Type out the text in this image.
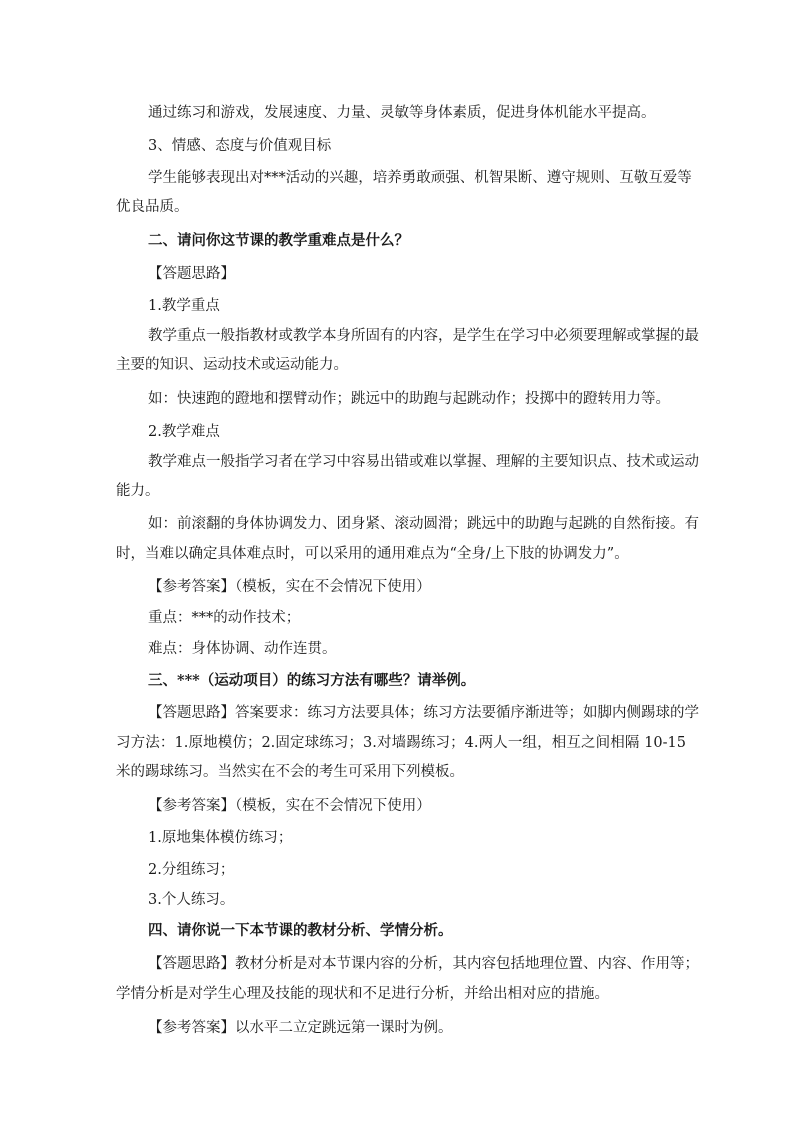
通过练习和游戏，发展速度、力量、灵敏等身体素质，促进身体机能水平提高。
3、情感、态度与价值观目标
学生能够表现出对***活动的兴趣，培养勇敢顽强、机智果断、遵守规则、互敬互爱等
优良品质。
二、请问你这节课的教学重难点是什么？
【答题思路】
1.教学重点
教学重点一般指教材或教学本身所固有的内容，是学生在学习中必须要理解或掌握的最
主要的知识、运动技术或运动能力。
如：快速跑的蹬地和摆臂动作；跳远中的助跑与起跳动作；投掷中的蹬转用力等。
2.教学难点
教学难点一般指学习者在学习中容易出错或难以掌握、理解的主要知识点、技术或运动
能力。
如：前滚翻的身体协调发力、团身紧、滚动圆滑；跳远中的助跑与起跳的自然衔接。有
时，当难以确定具体难点时，可以采用的通用难点为“全身/上下肢的协调发力”。
【参考答案】（模板，实在不会情况下使用）
重点：***的动作技术；
难点：身体协调、动作连贯。
三、***（运动项目）的练习方法有哪些？请举例。
【答题思路】答案要求：练习方法要具体；练习方法要循序渐进等；如脚内侧踢球的学
习方法：1.原地模仿；2.固定球练习；3.对墙踢练习；4.两人一组，相互之间相隔 10-15
米的踢球练习。当然实在不会的考生可采用下列模板。
【参考答案】（模板，实在不会情况下使用）
1.原地集体模仿练习；
2.分组练习；
3.个人练习。
四、请你说一下本节课的教材分析、学情分析。
【答题思路】教材分析是对本节课内容的分析，其内容包括地理位置、内容、作用等；
学情分析是对学生心理及技能的现状和不足进行分析，并给出相对应的措施。
【参考答案】以水平二立定跳远第一课时为例。
